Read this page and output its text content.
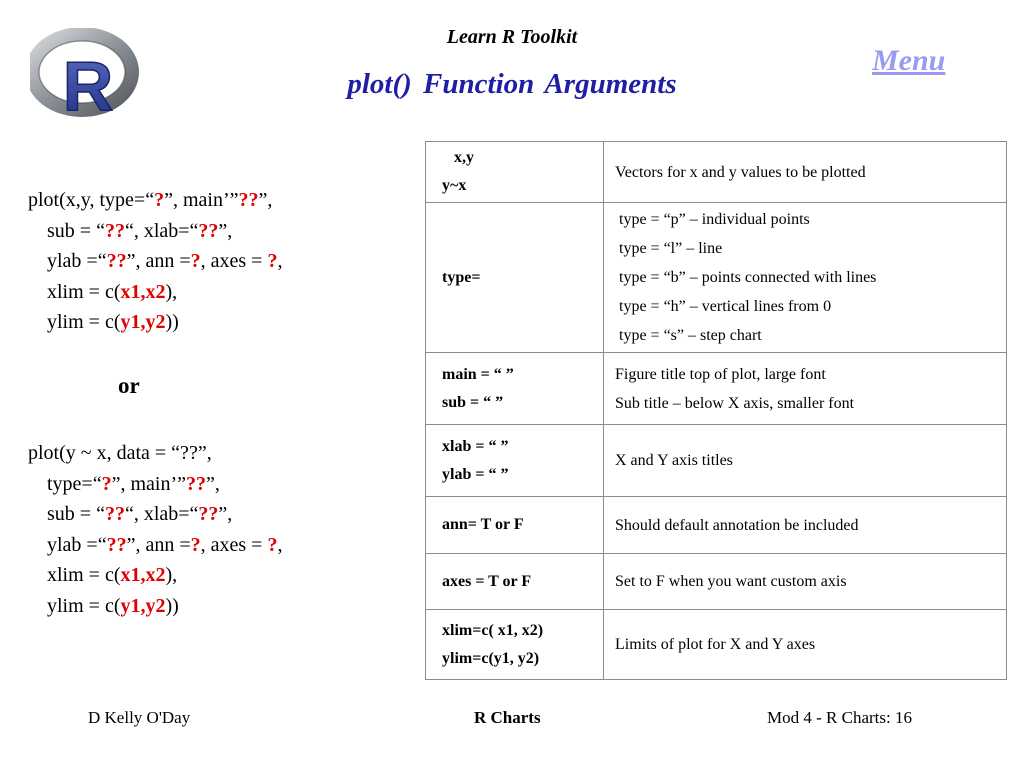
R
Learn R Toolkit
plot() Function Arguments
Menu
plot(x,y, type=“?”, main’”??”,
sub = “??“, xlab=“??”,
ylab =“??”, ann =?, axes = ?,
xlim = c(x1,x2),
ylim = c(y1,y2))
or
plot(y ~ x, data = “??”,
type=“?”, main’”??”,
sub = “??“, xlab=“??”,
ylab =“??”, ann =?, axes = ?,
xlim = c(x1,x2),
ylim = c(y1,y2))
x,y
y~x	Vectors for x and y values to be plotted

type=	type = “p” – individual points
type = “l” – line
type = “b” – points connected with lines
type = “h” – vertical lines from 0
type = “s” – step chart

main = “ ”
sub = “ ”	Figure title top of plot, large font
Sub title – below X axis, smaller font

xlab = “ ”
ylab = “ ”	X and Y axis titles

ann= T or F	Should default annotation be included

axes = T or F	Set to F when you want custom axis

xlim=c( x1, x2)
ylim=c(y1, y2)	Limits of plot for X and Y axes
D Kelly O'Day	R Charts	Mod 4 - R Charts: 16
